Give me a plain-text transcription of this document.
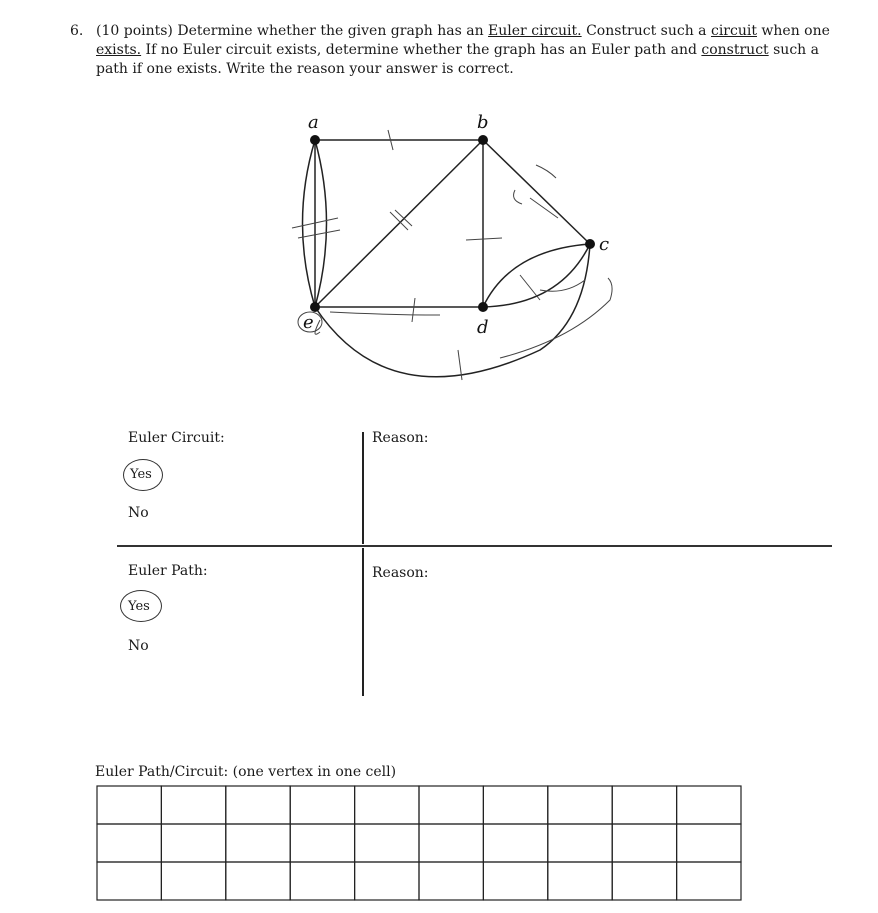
6. (10 points) Determine whether the given graph has an Euler circuit. Construct such a circuit when one exists. If no Euler circuit exists, determine whether the graph has an Euler path and construct such a path if one exists. Write the reason your answer is correct.
a	b
c
d
e
Euler Circuit:	Reason:
Yes
No
Euler Path:	Reason:
Yes
No
Euler Path/Circuit: (one vertex in one cell)
